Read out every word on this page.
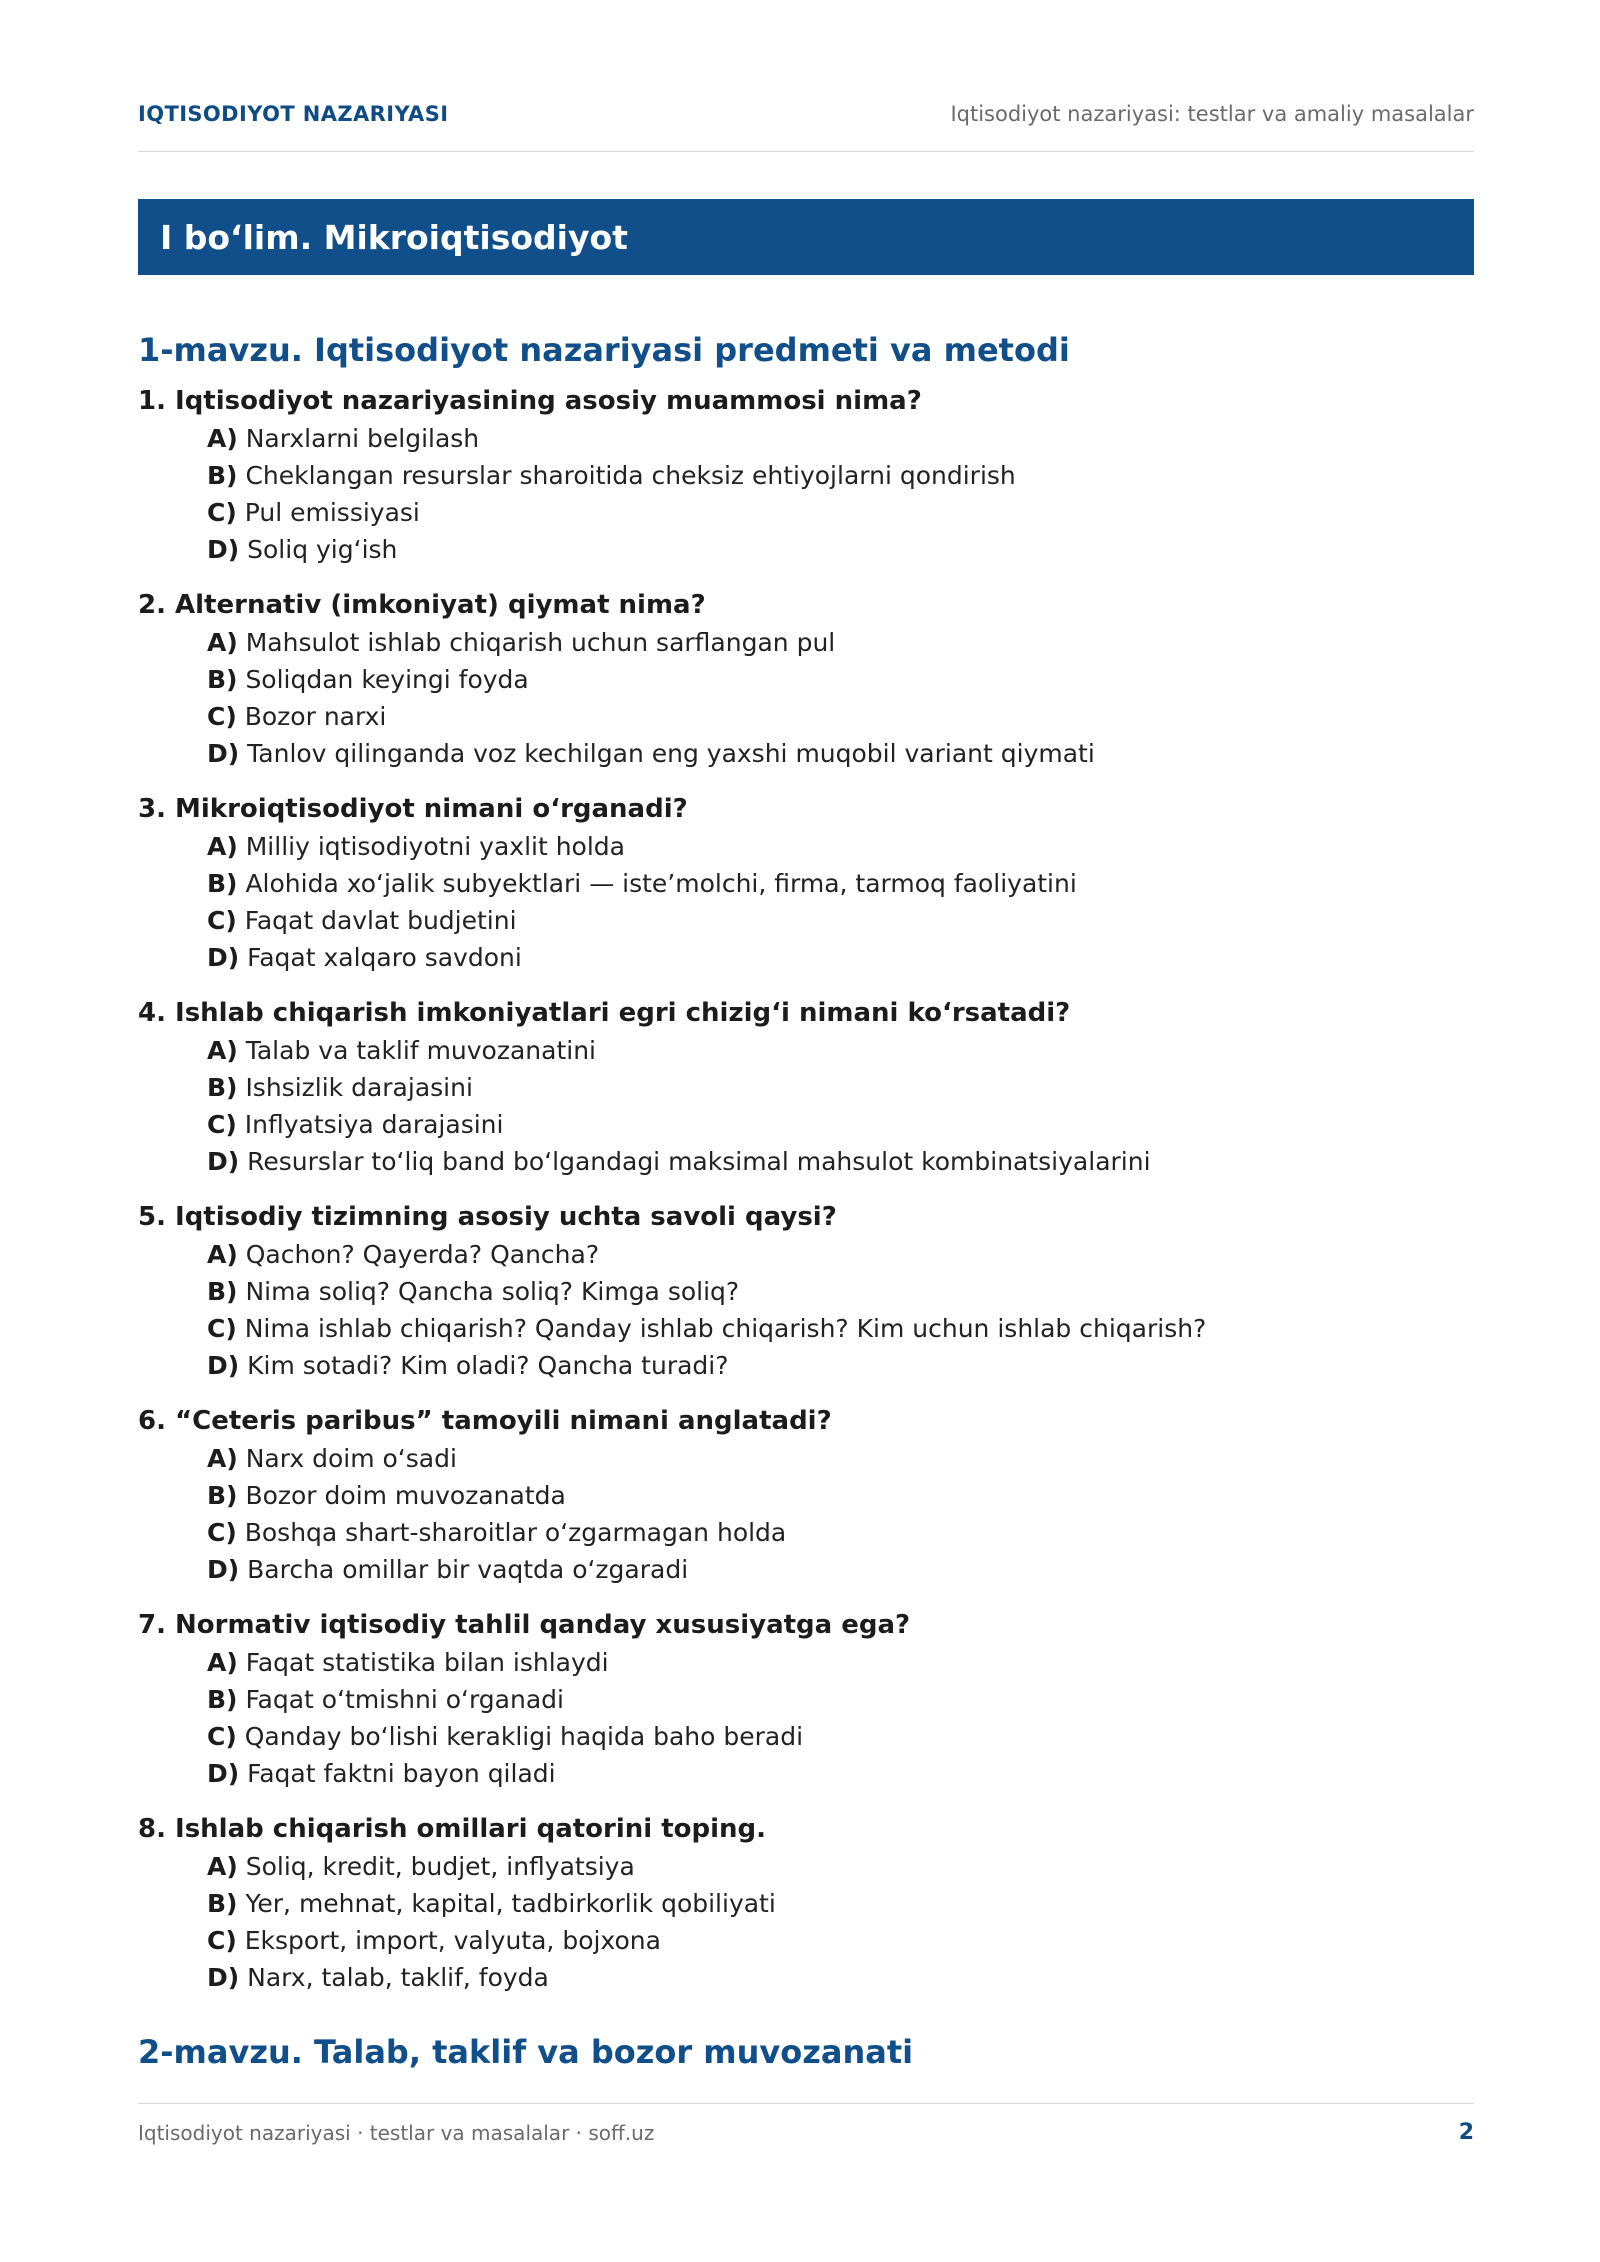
IQTISODIYOT NAZARIYASI	Iqtisodiyot nazariyasi: testlar va amaliy masalalar
I bo‘lim. Mikroiqtisodiyot
1-mavzu. Iqtisodiyot nazariyasi predmeti va metodi
1. Iqtisodiyot nazariyasining asosiy muammosi nima?
A) Narxlarni belgilash
B) Cheklangan resurslar sharoitida cheksiz ehtiyojlarni qondirish
C) Pul emissiyasi
D) Soliq yig‘ish
2. Alternativ (imkoniyat) qiymat nima?
A) Mahsulot ishlab chiqarish uchun sarflangan pul
B) Soliqdan keyingi foyda
C) Bozor narxi
D) Tanlov qilinganda voz kechilgan eng yaxshi muqobil variant qiymati
3. Mikroiqtisodiyot nimani o‘rganadi?
A) Milliy iqtisodiyotni yaxlit holda
B) Alohida xo‘jalik subyektlari — iste’molchi, firma, tarmoq faoliyatini
C) Faqat davlat budjetini
D) Faqat xalqaro savdoni
4. Ishlab chiqarish imkoniyatlari egri chizig‘i nimani ko‘rsatadi?
A) Talab va taklif muvozanatini
B) Ishsizlik darajasini
C) Inflyatsiya darajasini
D) Resurslar to‘liq band bo‘lgandagi maksimal mahsulot kombinatsiyalarini
5. Iqtisodiy tizimning asosiy uchta savoli qaysi?
A) Qachon? Qayerda? Qancha?
B) Nima soliq? Qancha soliq? Kimga soliq?
C) Nima ishlab chiqarish? Qanday ishlab chiqarish? Kim uchun ishlab chiqarish?
D) Kim sotadi? Kim oladi? Qancha turadi?
6. “Ceteris paribus” tamoyili nimani anglatadi?
A) Narx doim o‘sadi
B) Bozor doim muvozanatda
C) Boshqa shart-sharoitlar o‘zgarmagan holda
D) Barcha omillar bir vaqtda o‘zgaradi
7. Normativ iqtisodiy tahlil qanday xususiyatga ega?
A) Faqat statistika bilan ishlaydi
B) Faqat o‘tmishni o‘rganadi
C) Qanday bo‘lishi kerakligi haqida baho beradi
D) Faqat faktni bayon qiladi
8. Ishlab chiqarish omillari qatorini toping.
A) Soliq, kredit, budjet, inflyatsiya
B) Yer, mehnat, kapital, tadbirkorlik qobiliyati
C) Eksport, import, valyuta, bojxona
D) Narx, talab, taklif, foyda
2-mavzu. Talab, taklif va bozor muvozanati
Iqtisodiyot nazariyasi · testlar va masalalar · soff.uz	2
